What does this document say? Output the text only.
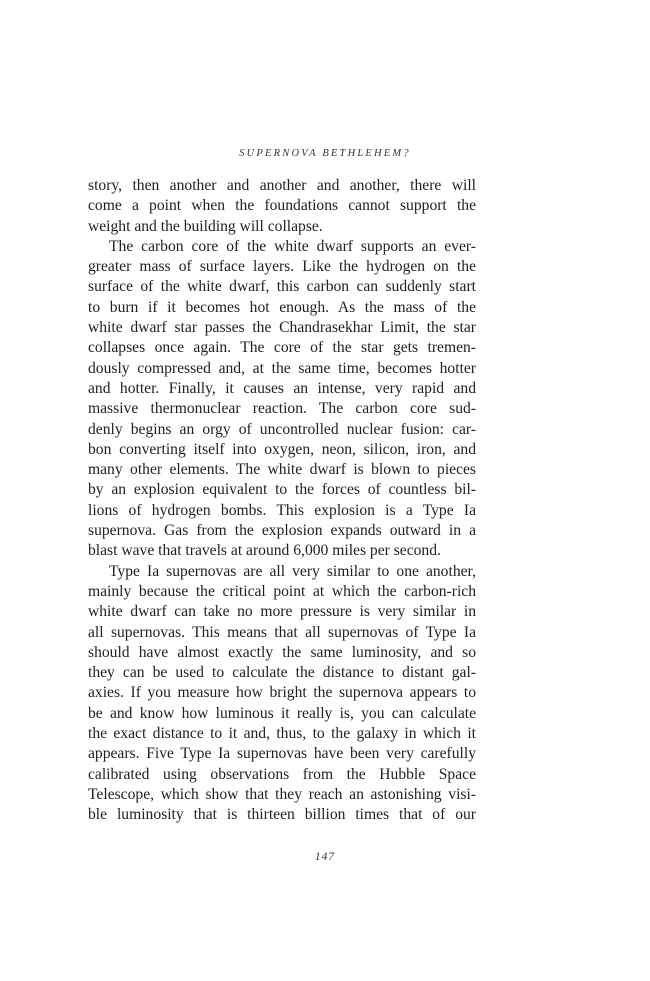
SUPERNOVA BETHLEHEM?
story, then another and another and another, there will
come a point when the foundations cannot support the
weight and the building will collapse.
The carbon core of the white dwarf supports an ever-
greater mass of surface layers. Like the hydrogen on the
surface of the white dwarf, this carbon can suddenly start
to burn if it becomes hot enough. As the mass of the
white dwarf star passes the Chandrasekhar Limit, the star
collapses once again. The core of the star gets tremen-
dously compressed and, at the same time, becomes hotter
and hotter. Finally, it causes an intense, very rapid and
massive thermonuclear reaction. The carbon core sud-
denly begins an orgy of uncontrolled nuclear fusion: car-
bon converting itself into oxygen, neon, silicon, iron, and
many other elements. The white dwarf is blown to pieces
by an explosion equivalent to the forces of countless bil-
lions of hydrogen bombs. This explosion is a Type Ia
supernova. Gas from the explosion expands outward in a
blast wave that travels at around 6,000 miles per second.
Type Ia supernovas are all very similar to one another,
mainly because the critical point at which the carbon-rich
white dwarf can take no more pressure is very similar in
all supernovas. This means that all supernovas of Type Ia
should have almost exactly the same luminosity, and so
they can be used to calculate the distance to distant gal-
axies. If you measure how bright the supernova appears to
be and know how luminous it really is, you can calculate
the exact distance to it and, thus, to the galaxy in which it
appears. Five Type Ia supernovas have been very carefully
calibrated using observations from the Hubble Space
Telescope, which show that they reach an astonishing visi-
ble luminosity that is thirteen billion times that of our
147
